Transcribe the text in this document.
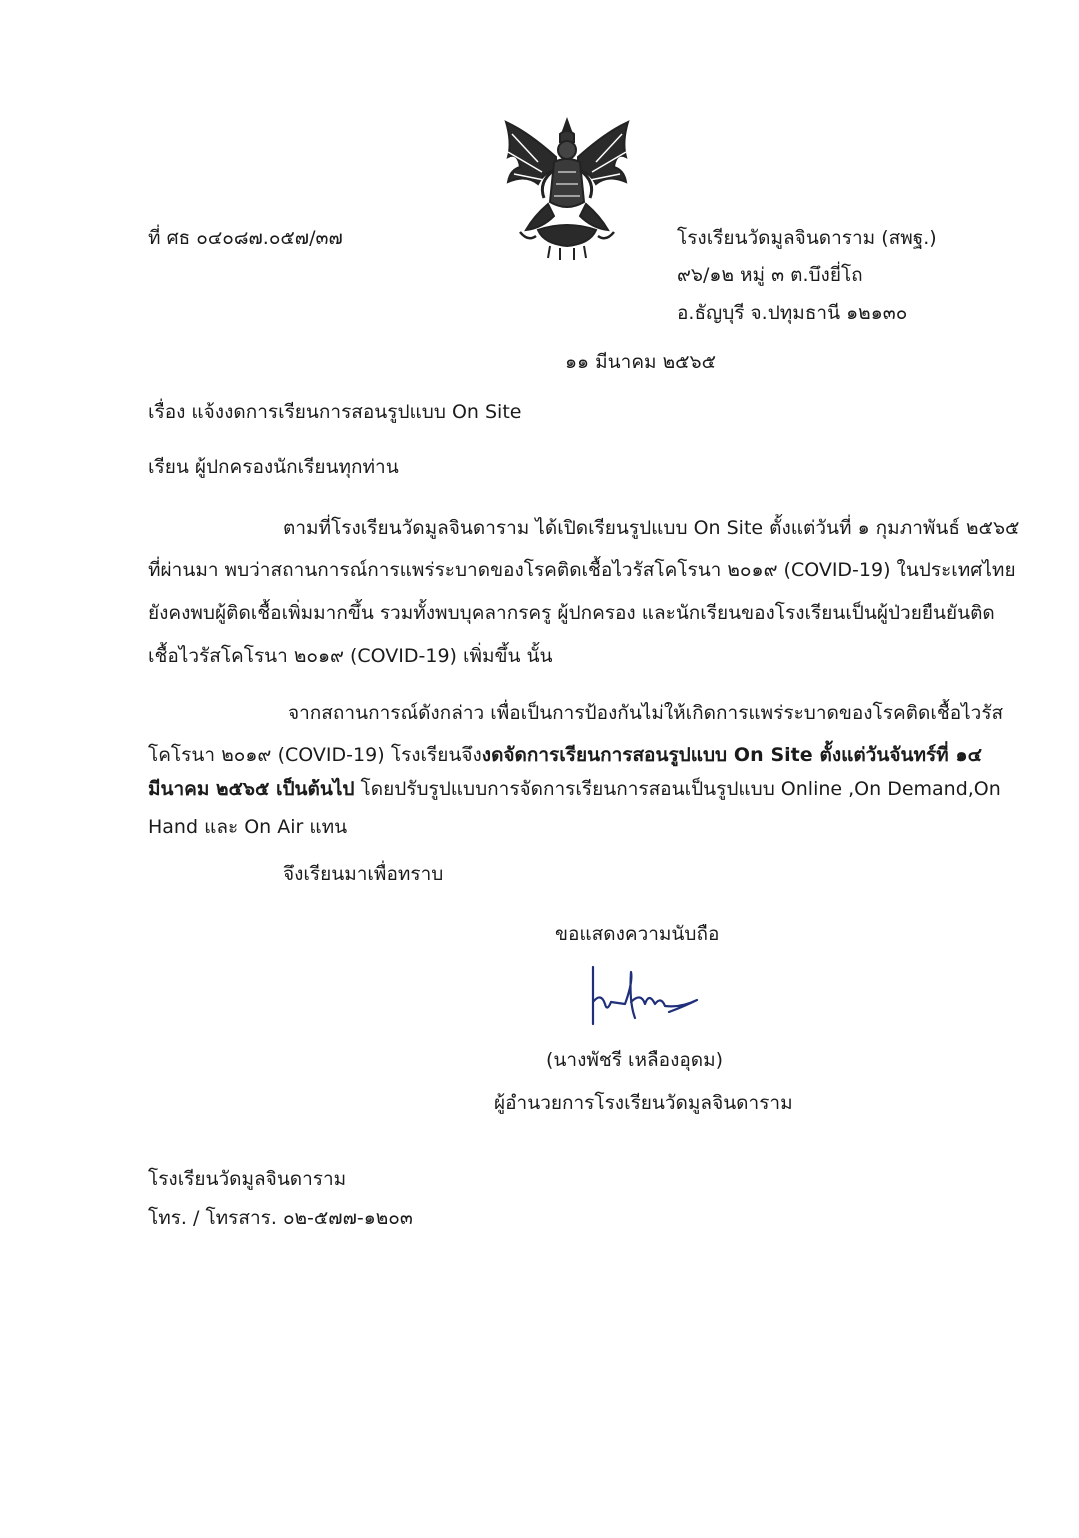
ที่ ศธ ๐๔๐๘๗.๐๕๗/๓๗	โรงเรียนวัดมูลจินดาราม (สพฐ.)
๙๖/๑๒ หมู่ ๓ ต.บึงยี่โถ
อ.ธัญบุรี จ.ปทุมธานี ๑๒๑๓๐
๑๑ มีนาคม ๒๕๖๕
เรื่อง แจ้งงดการเรียนการสอนรูปแบบ On Site
เรียน ผู้ปกครองนักเรียนทุกท่าน
ตามที่โรงเรียนวัดมูลจินดาราม ได้เปิดเรียนรูปแบบ On Site ตั้งแต่วันที่ ๑ กุมภาพันธ์ ๒๕๖๕
ที่ผ่านมา พบว่าสถานการณ์การแพร่ระบาดของโรคติดเชื้อไวรัสโคโรนา ๒๐๑๙ (COVID-19) ในประเทศไทย
ยังคงพบผู้ติดเชื้อเพิ่มมากขึ้น รวมทั้งพบบุคลากรครู ผู้ปกครอง และนักเรียนของโรงเรียนเป็นผู้ป่วยยืนยันติด
เชื้อไวรัสโคโรนา ๒๐๑๙ (COVID-19) เพิ่มขึ้น นั้น
จากสถานการณ์ดังกล่าว เพื่อเป็นการป้องกันไม่ให้เกิดการแพร่ระบาดของโรคติดเชื้อไวรัส
โคโรนา ๒๐๑๙ (COVID-19) โรงเรียนจึงงดจัดการเรียนการสอนรูปแบบ On Site ตั้งแต่วันจันทร์ที่ ๑๔
มีนาคม ๒๕๖๕ เป็นต้นไป โดยปรับรูปแบบการจัดการเรียนการสอนเป็นรูปแบบ Online ,On Demand,On
Hand และ On Air แทน
จึงเรียนมาเพื่อทราบ
ขอแสดงความนับถือ
(นางพัชรี เหลืองอุดม)
ผู้อำนวยการโรงเรียนวัดมูลจินดาราม
โรงเรียนวัดมูลจินดาราม
โทร. / โทรสาร. ๐๒-๕๗๗-๑๒๐๓
